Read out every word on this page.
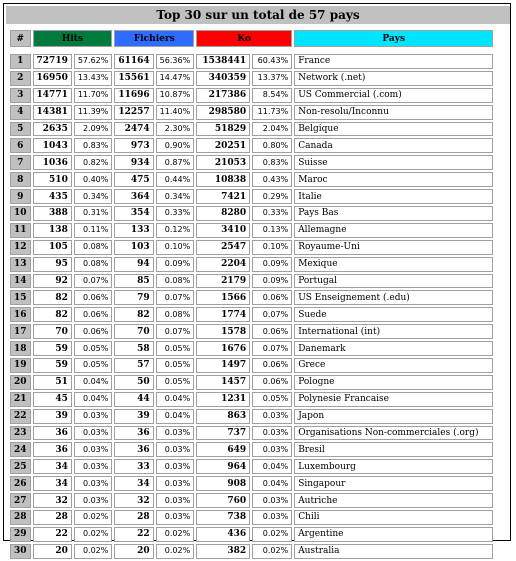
Top 30 sur un total de 57 pays
#	Hits		Fichiers		Ko		Pays

1	72719	57.62%	61164	56.36%	1538441	60.43%	France
2	16950	13.43%	15561	14.47%	340359	13.37%	Network (.net)
3	14771	11.70%	11696	10.87%	217386	8.54%	US Commercial (.com)
4	14381	11.39%	12257	11.40%	298580	11.73%	Non-resolu/Inconnu
5	2635	2.09%	2474	2.30%	51829	2.04%	Belgique
6	1043	0.83%	973	0.90%	20251	0.80%	Canada
7	1036	0.82%	934	0.87%	21053	0.83%	Suisse
8	510	0.40%	475	0.44%	10838	0.43%	Maroc
9	435	0.34%	364	0.34%	7421	0.29%	Italie
10	388	0.31%	354	0.33%	8280	0.33%	Pays Bas
11	138	0.11%	133	0.12%	3410	0.13%	Allemagne
12	105	0.08%	103	0.10%	2547	0.10%	Royaume-Uni
13	95	0.08%	94	0.09%	2204	0.09%	Mexique
14	92	0.07%	85	0.08%	2179	0.09%	Portugal
15	82	0.06%	79	0.07%	1566	0.06%	US Enseignement (.edu)
16	82	0.06%	82	0.08%	1774	0.07%	Suede
17	70	0.06%	70	0.07%	1578	0.06%	International (int)
18	59	0.05%	58	0.05%	1676	0.07%	Danemark
19	59	0.05%	57	0.05%	1497	0.06%	Grece
20	51	0.04%	50	0.05%	1457	0.06%	Pologne
21	45	0.04%	44	0.04%	1231	0.05%	Polynesie Francaise
22	39	0.03%	39	0.04%	863	0.03%	Japon
23	36	0.03%	36	0.03%	737	0.03%	Organisations Non-commerciales (.org)
24	36	0.03%	36	0.03%	649	0.03%	Bresil
25	34	0.03%	33	0.03%	964	0.04%	Luxembourg
26	34	0.03%	34	0.03%	908	0.04%	Singapour
27	32	0.03%	32	0.03%	760	0.03%	Autriche
28	28	0.02%	28	0.03%	738	0.03%	Chili
29	22	0.02%	22	0.02%	436	0.02%	Argentine
30	20	0.02%	20	0.02%	382	0.02%	Australia
